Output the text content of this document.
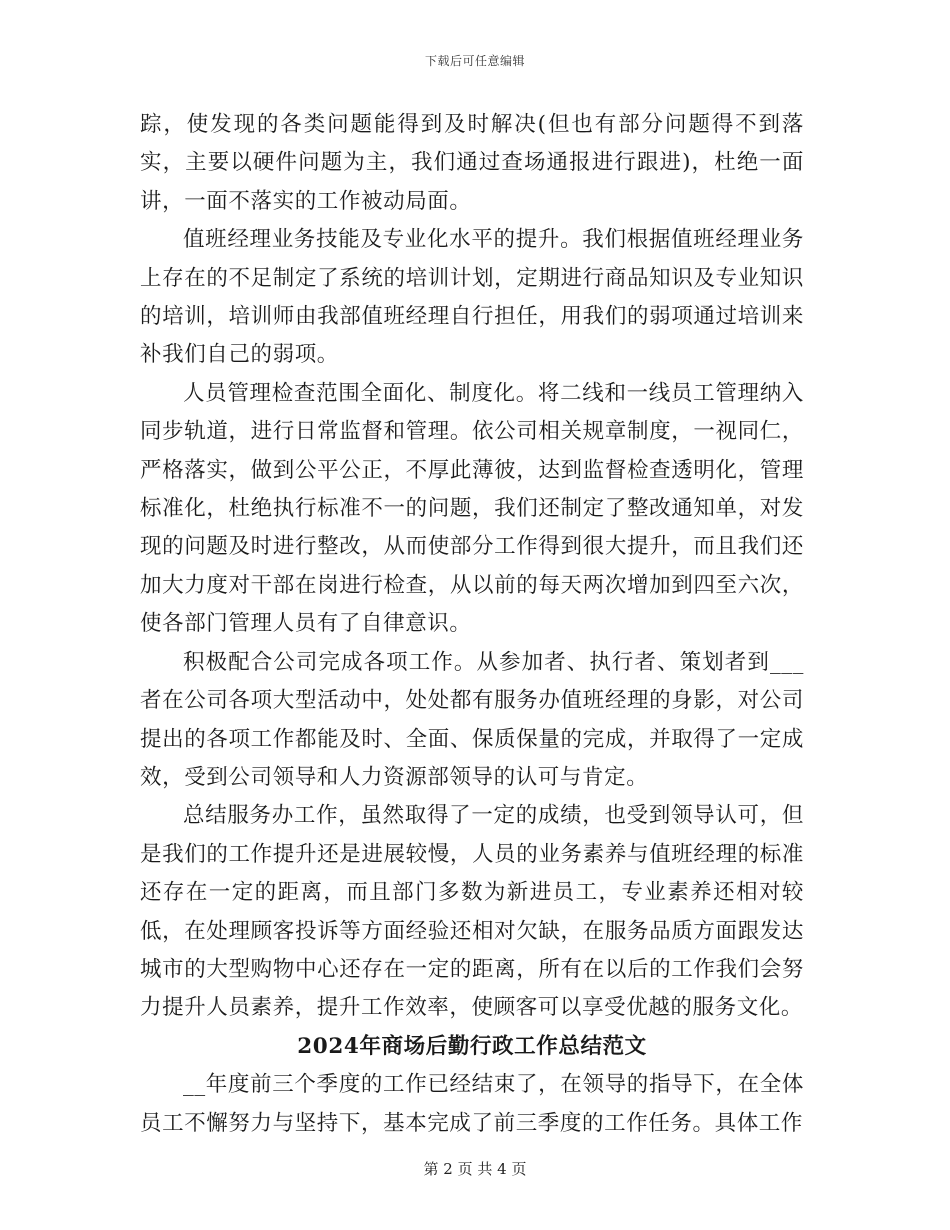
下载后可任意编辑

踪，使发现的各类问题能得到及时解决(但也有部分问题得不到落实，主要以硬件问题为主，我们通过查场通报进行跟进)，杜绝一面讲，一面不落实的工作被动局面。

值班经理业务技能及专业化水平的提升。我们根据值班经理业务上存在的不足制定了系统的培训计划，定期进行商品知识及专业知识的培训，培训师由我部值班经理自行担任，用我们的弱项通过培训来补我们自己的弱项。

人员管理检查范围全面化、制度化。将二线和一线员工管理纳入同步轨道，进行日常监督和管理。依公司相关规章制度，一视同仁，严格落实，做到公平公正，不厚此薄彼，达到监督检查透明化，管理标准化，杜绝执行标准不一的问题，我们还制定了整改通知单，对发现的问题及时进行整改，从而使部分工作得到很大提升，而且我们还加大力度对干部在岗进行检查，从以前的每天两次增加到四至六次，使各部门管理人员有了自律意识。

积极配合公司完成各项工作。从参加者、执行者、策划者到___者在公司各项大型活动中，处处都有服务办值班经理的身影，对公司提出的各项工作都能及时、全面、保质保量的完成，并取得了一定成效，受到公司领导和人力资源部领导的认可与肯定。

总结服务办工作，虽然取得了一定的成绩，也受到领导认可，但是我们的工作提升还是进展较慢，人员的业务素养与值班经理的标准还存在一定的距离，而且部门多数为新进员工，专业素养还相对较低，在处理顾客投诉等方面经验还相对欠缺，在服务品质方面跟发达城市的大型购物中心还存在一定的距离，所有在以后的工作我们会努力提升人员素养，提升工作效率，使顾客可以享受优越的服务文化。

2024年商场后勤行政工作总结范文

__年度前三个季度的工作已经结束了，在领导的指导下，在全体员工不懈努力与坚持下，基本完成了前三季度的工作任务。具体工作

第 2 页 共 4 页
